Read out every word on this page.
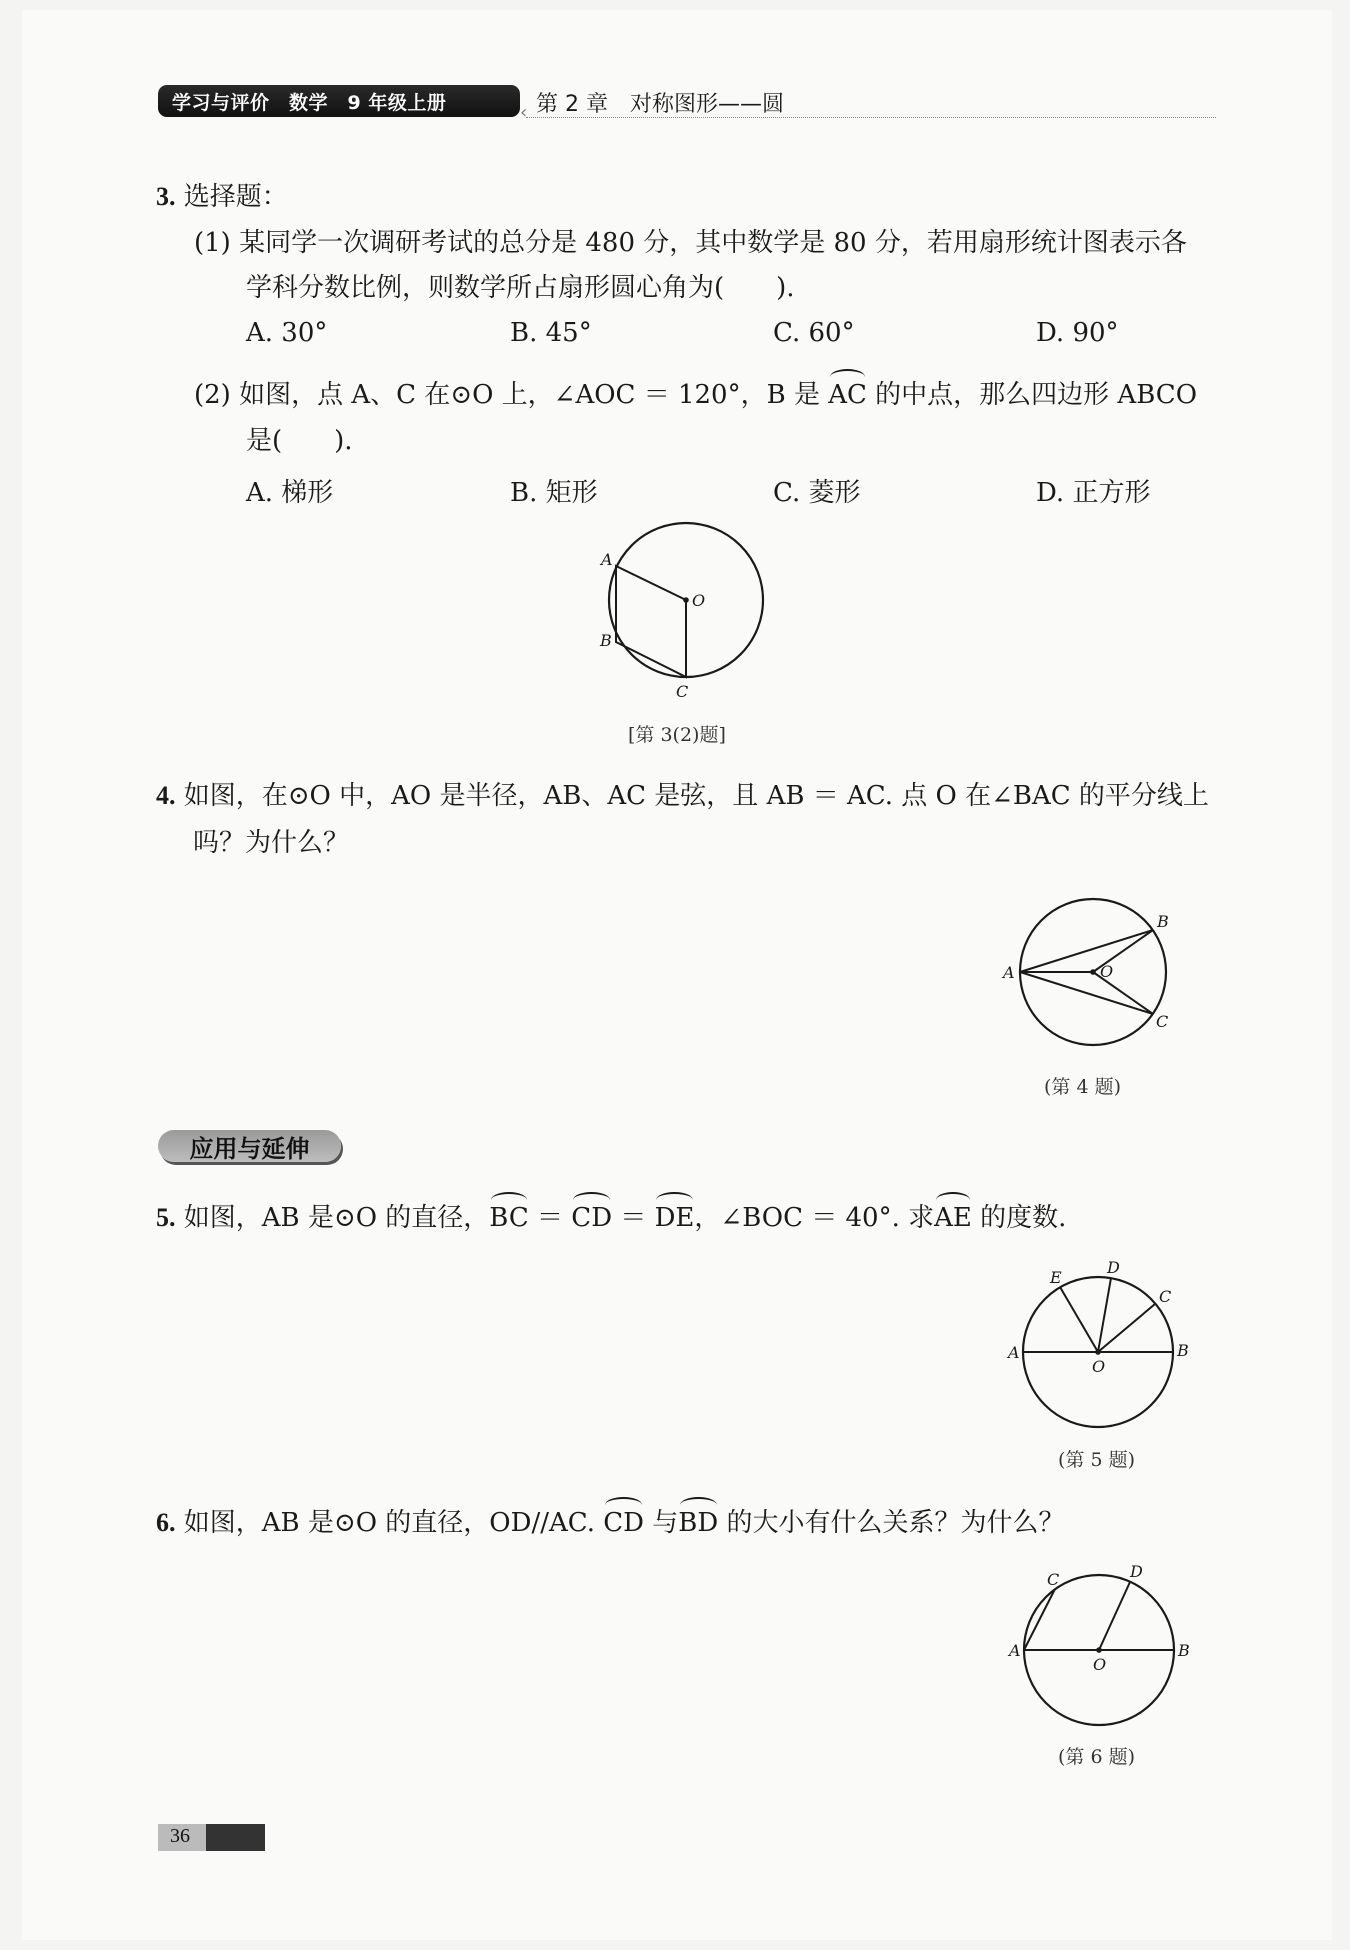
学习与评价　数学　9 年级上册	‹ 第 2 章　对称图形——圆
3. 选择题：
(1) 某同学一次调研考试的总分是 480 分，其中数学是 80 分，若用扇形统计图表示各
学科分数比例，则数学所占扇形圆心角为(　　).
A. 30°	B. 45°	C. 60°	D. 90°
(2) 如图，点 A、C 在⊙O 上，∠AOC ＝ 120°，B 是 AC 的中点，那么四边形 ABCO
是(　　).
A. 梯形	B. 矩形	C. 菱形	D. 正方形
A
O
B
C
[第 3(2)题]
4. 如图，在⊙O 中，AO 是半径，AB、AC 是弦，且 AB ＝ AC. 点 O 在∠BAC 的平分线上
吗？为什么？
A
B
O
C
(第 4 题)
应用与延伸
5. 如图，AB 是⊙O 的直径，BC ＝ CD ＝ DE，∠BOC ＝ 40°. 求AE 的度数.
E
D
C
A
O
B
(第 5 题)
6. 如图，AB 是⊙O 的直径，OD//AC. CD 与BD 的大小有什么关系？为什么？
C	D
A
O
B
(第 6 题)
36
